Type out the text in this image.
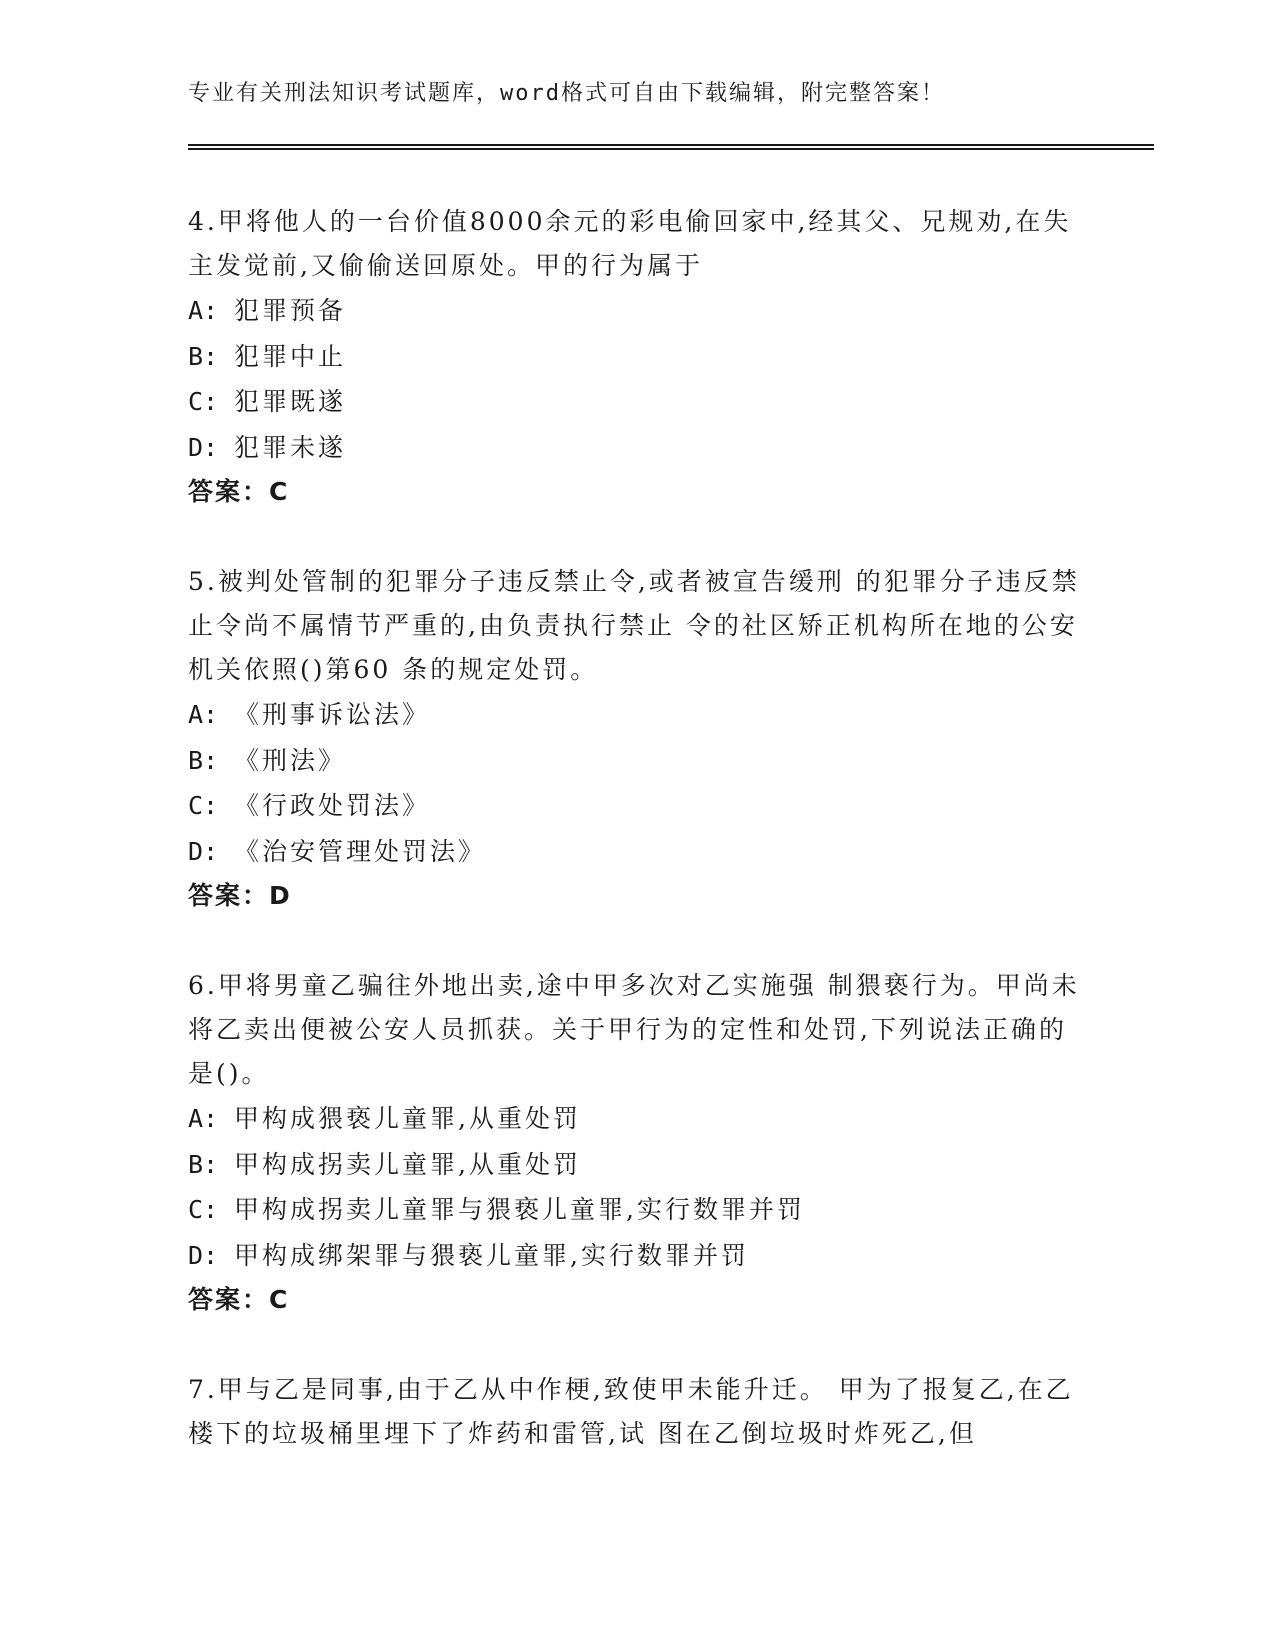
专业有关刑法知识考试题库，word格式可自由下载编辑，附完整答案！

4.甲将他人的一台价值8000余元的彩电偷回家中,经其父、兄规劝,在失主发觉前,又偷偷送回原处。甲的行为属于

A: 犯罪预备
B: 犯罪中止
C: 犯罪既遂
D: 犯罪未遂
答案：C

5.被判处管制的犯罪分子违反禁止令,或者被宣告缓刑 的犯罪分子违反禁止令尚不属情节严重的,由负责执行禁止 令的社区矫正机构所在地的公安机关依照()第60 条的规定处罚。

A: 《刑事诉讼法》
B: 《刑法》
C: 《行政处罚法》
D: 《治安管理处罚法》
答案：D

6.甲将男童乙骗往外地出卖,途中甲多次对乙实施强 制猥亵行为。甲尚未将乙卖出便被公安人员抓获。关于甲行为的定性和处罚,下列说法正确的是()。

A: 甲构成猥亵儿童罪,从重处罚
B: 甲构成拐卖儿童罪,从重处罚
C: 甲构成拐卖儿童罪与猥亵儿童罪,实行数罪并罚
D: 甲构成绑架罪与猥亵儿童罪,实行数罪并罚
答案：C

7.甲与乙是同事,由于乙从中作梗,致使甲未能升迁。 甲为了报复乙,在乙楼下的垃圾桶里埋下了炸药和雷管,试 图在乙倒垃圾时炸死乙,但
